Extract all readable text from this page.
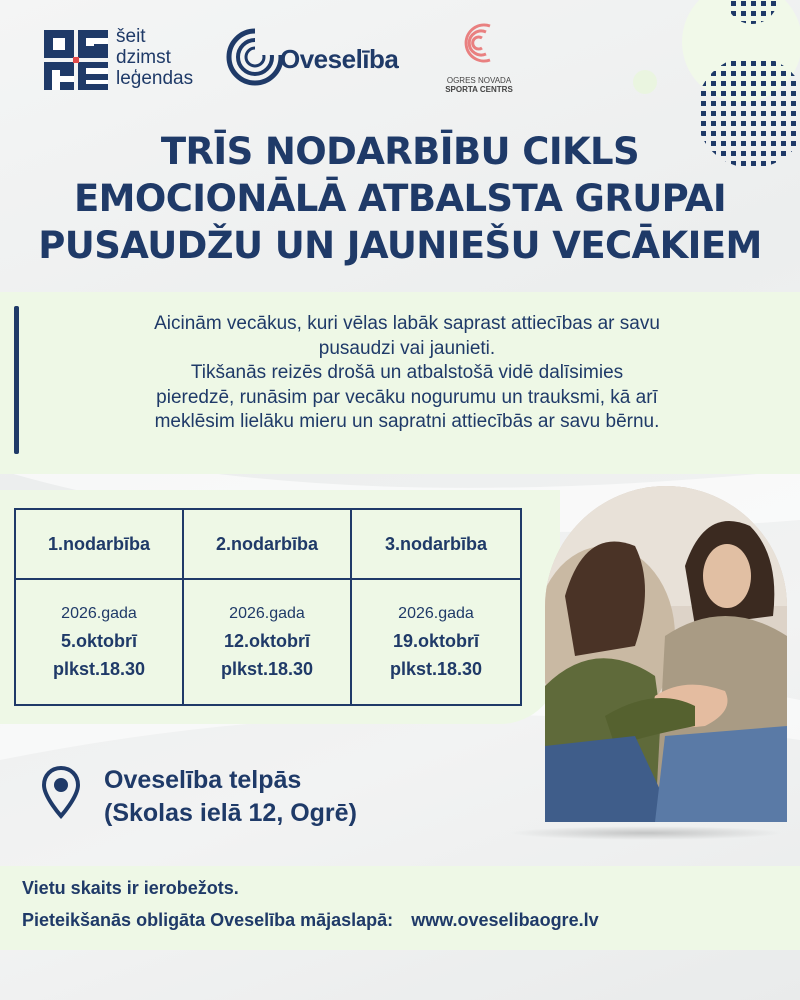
šeit
dzimst
leģendas
Oveselība
OGRES NOVADA
SPORTA CENTRS
TRĪS NODARBĪBU CIKLS
EMOCIONĀLĀ ATBALSTA GRUPAI
PUSAUDŽU UN JAUNIEŠU VECĀKIEM
Aicinām vecākus, kuri vēlas labāk saprast attiecības ar savu
pusaudzi vai jaunieti.
Tikšanās reizēs drošā un atbalstošā vidē dalīsimies
pieredzē, runāsim par vecāku nogurumu un trauksmi, kā arī
meklēsim lielāku mieru un sapratni attiecībās ar savu bērnu.
1.nodarbība	2.nodarbība	3.nodarbība
2026.gada
5.oktobrī
plkst.18.30
2026.gada
12.oktobrī
plkst.18.30
2026.gada
19.oktobrī
plkst.18.30
Oveselība telpās
(Skolas ielā 12, Ogrē)
Vietu skaits ir ierobežots.
Pieteikšanās obligāta Oveselība mājaslapā: www.oveselibaogre.lv
